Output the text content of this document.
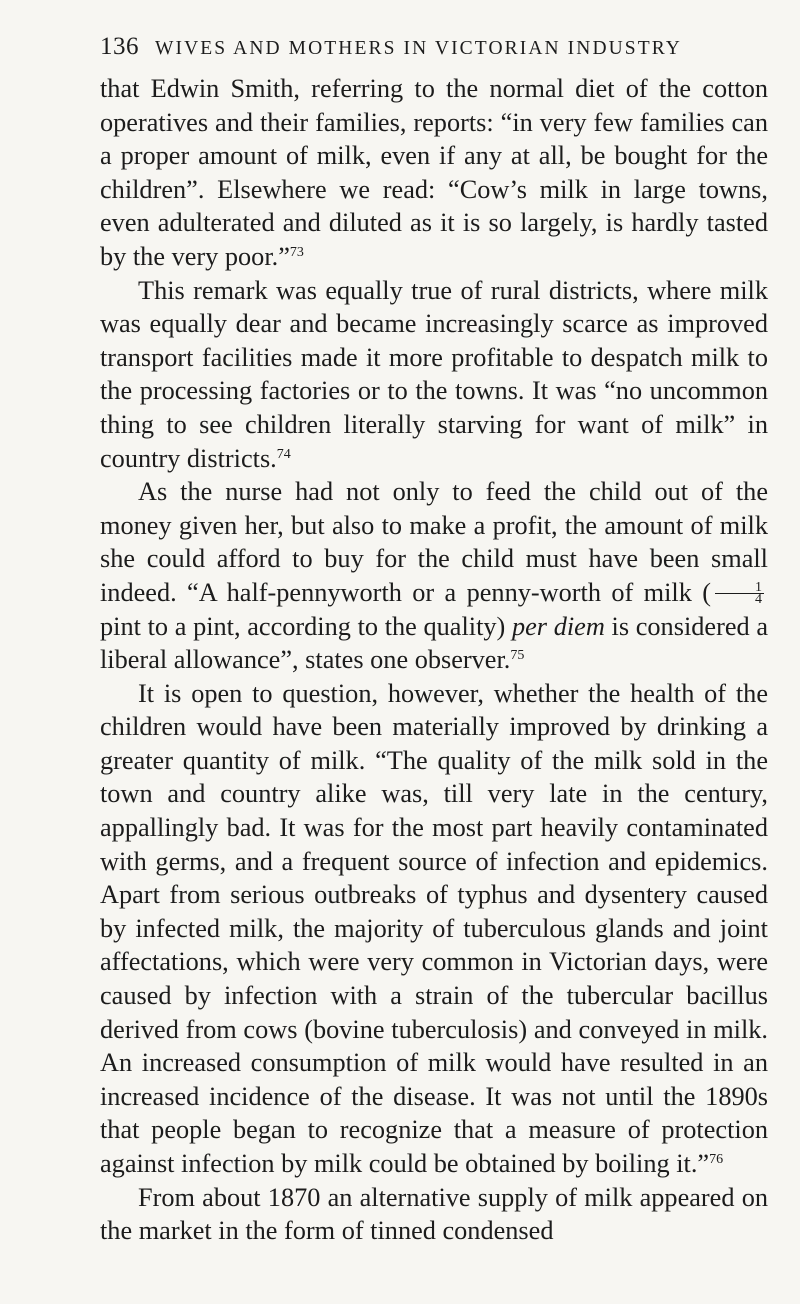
136 WIVES AND MOTHERS IN VICTORIAN INDUSTRY

that Edwin Smith, referring to the normal diet of the cotton operatives and their families, reports: “in very few families can a proper amount of milk, even if any at all, be bought for the children”. Elsewhere we read: “Cow’s milk in large towns, even adulterated and diluted as it is so largely, is hardly tasted by the very poor.”$^{73}$

This remark was equally true of rural districts, where milk was equally dear and became increasingly scarce as improved transport facilities made it more profitable to despatch milk to the processing factories or to the towns. It was “no uncommon thing to see children literally starving for want of milk” in country districts.$^{74}$

As the nurse had not only to feed the child out of the money given her, but also to make a profit, the amount of milk she could afford to buy for the child must have been small indeed. “A half-pennyworth or a penny-worth of milk ( $\frac{1}{4}$
pint to a pint, according to the quality) per diem is considered a liberal allowance”, states one observer.$^{75}$

It is open to question, however, whether the health of the children would have been materially improved by drinking a greater quantity of milk. “The quality of the milk sold in the town and country alike was, till very late in the century, appallingly bad. It was for the most part heavily contaminated with germs, and a frequent source of infection and epidemics. Apart from serious outbreaks of typhus and dysentery caused by infected milk, the majority of tuberculous glands and joint affectations, which were very common in Victorian days, were caused by infection with a strain of the tubercular bacillus derived from cows (bovine tuberculosis) and conveyed in milk. An increased consumption of milk would have resulted in an increased incidence of the disease. It was not until the 1890s that people began to recognize that a measure of protection against infection by milk could be obtained by boiling it.”$^{76}$

From about 1870 an alternative supply of milk appeared on the market in the form of tinned condensed
